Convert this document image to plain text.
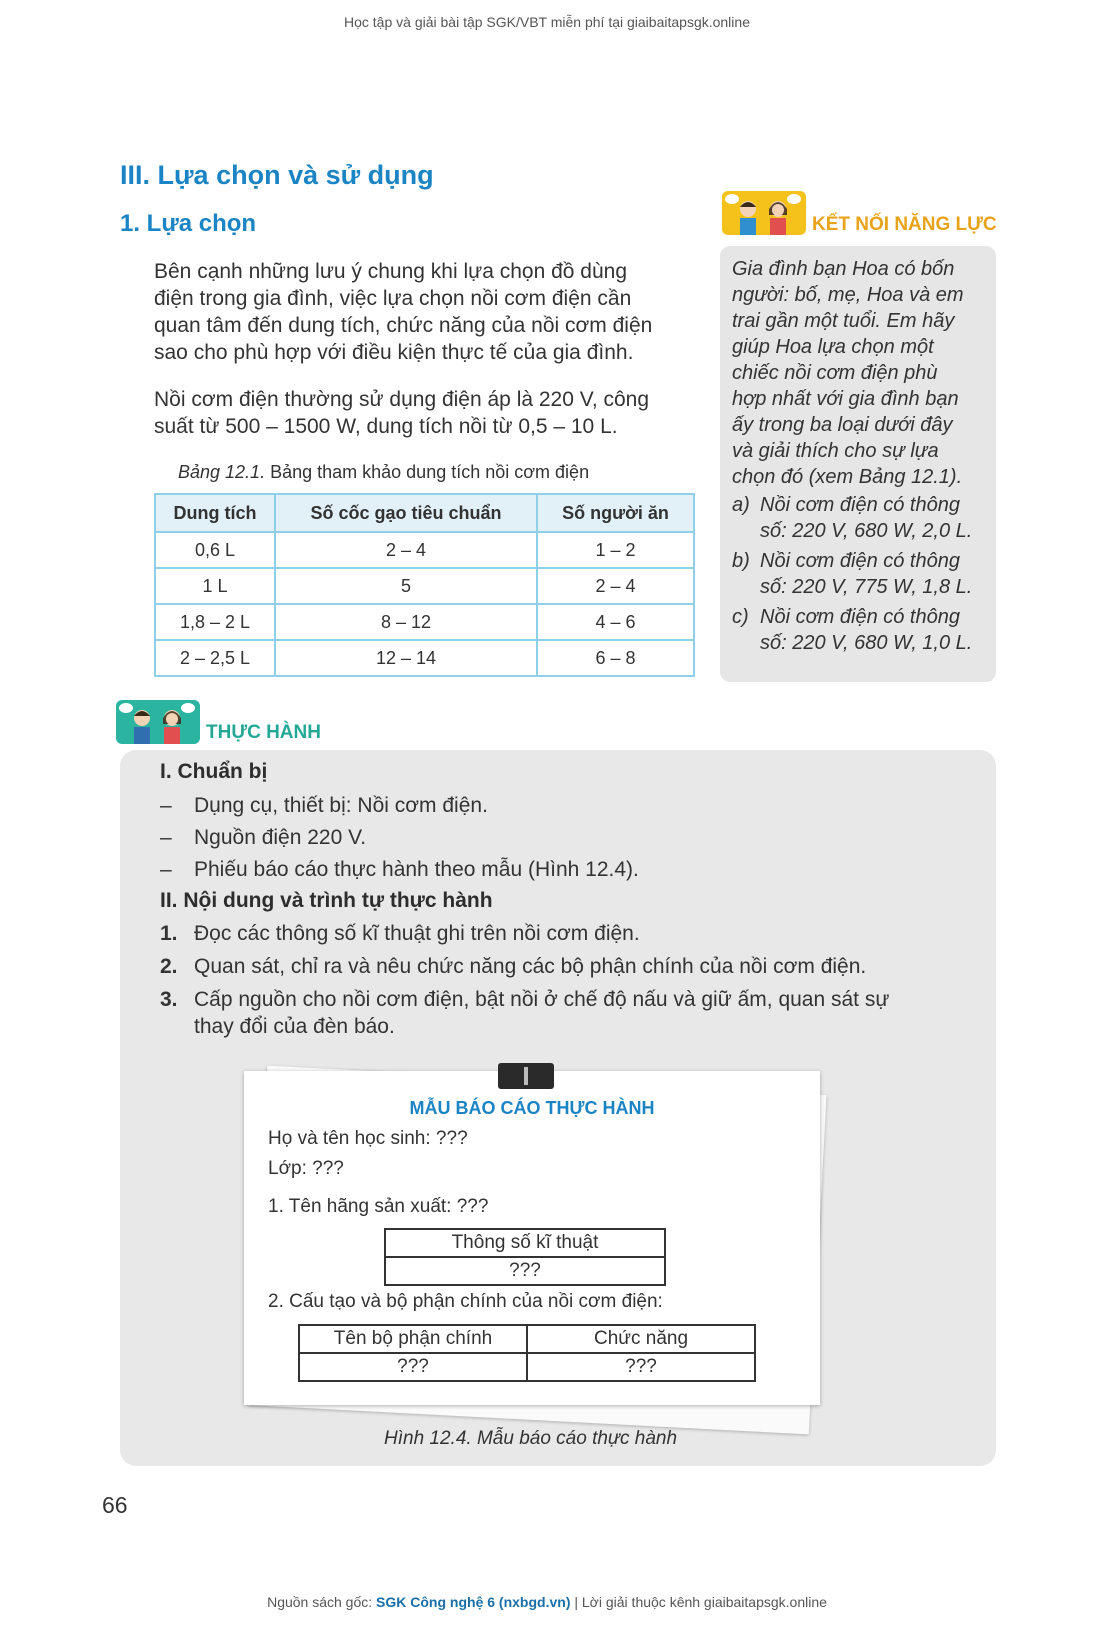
Học tập và giải bài tập SGK/VBT miễn phí tại giaibaitapsgk.online
III. Lựa chọn và sử dụng
1. Lựa chọn
Bên cạnh những lưu ý chung khi lựa chọn đồ dùng
điện trong gia đình, việc lựa chọn nồi cơm điện cần
quan tâm đến dung tích, chức năng của nồi cơm điện
sao cho phù hợp với điều kiện thực tế của gia đình.
Nồi cơm điện thường sử dụng điện áp là 220 V, công
suất từ 500 – 1500 W, dung tích nồi từ 0,5 – 10 L.
Bảng 12.1. Bảng tham khảo dung tích nồi cơm điện
Dung tích	Số cốc gạo tiêu chuẩn	Số người ăn
0,6 L	2 – 4	1 – 2
1 L	5	2 – 4
1,8 – 2 L	8 – 12	4 – 6
2 – 2,5 L	12 – 14	6 – 8
KẾT NỐI NĂNG LỰC
Gia đình bạn Hoa có bốn
người: bố, mẹ, Hoa và em
trai gần một tuổi. Em hãy
giúp Hoa lựa chọn một
chiếc nồi cơm điện phù
hợp nhất với gia đình bạn
ấy trong ba loại dưới đây
và giải thích cho sự lựa
chọn đó (xem Bảng 12.1).
a) Nồi cơm điện có thông
số: 220 V, 680 W, 2,0 L.
b) Nồi cơm điện có thông
số: 220 V, 775 W, 1,8 L.
c) Nồi cơm điện có thông
số: 220 V, 680 W, 1,0 L.
THỰC HÀNH
I. Chuẩn bị
– Dụng cụ, thiết bị: Nồi cơm điện.
– Nguồn điện 220 V.
– Phiếu báo cáo thực hành theo mẫu (Hình 12.4).
II. Nội dung và trình tự thực hành
1. Đọc các thông số kĩ thuật ghi trên nồi cơm điện.
2. Quan sát, chỉ ra và nêu chức năng các bộ phận chính của nồi cơm điện.
3. Cấp nguồn cho nồi cơm điện, bật nồi ở chế độ nấu và giữ ấm, quan sát sự
thay đổi của đèn báo.
MẪU BÁO CÁO THỰC HÀNH
Họ và tên học sinh: ???
Lớp: ???
1. Tên hãng sản xuất: ???
Thông số kĩ thuật
???
2. Cấu tạo và bộ phận chính của nồi cơm điện:
Tên bộ phận chính	Chức năng
???	???
Hình 12.4. Mẫu báo cáo thực hành
66
Nguồn sách gốc: SGK Công nghệ 6 (nxbgd.vn) | Lời giải thuộc kênh giaibaitapsgk.online
